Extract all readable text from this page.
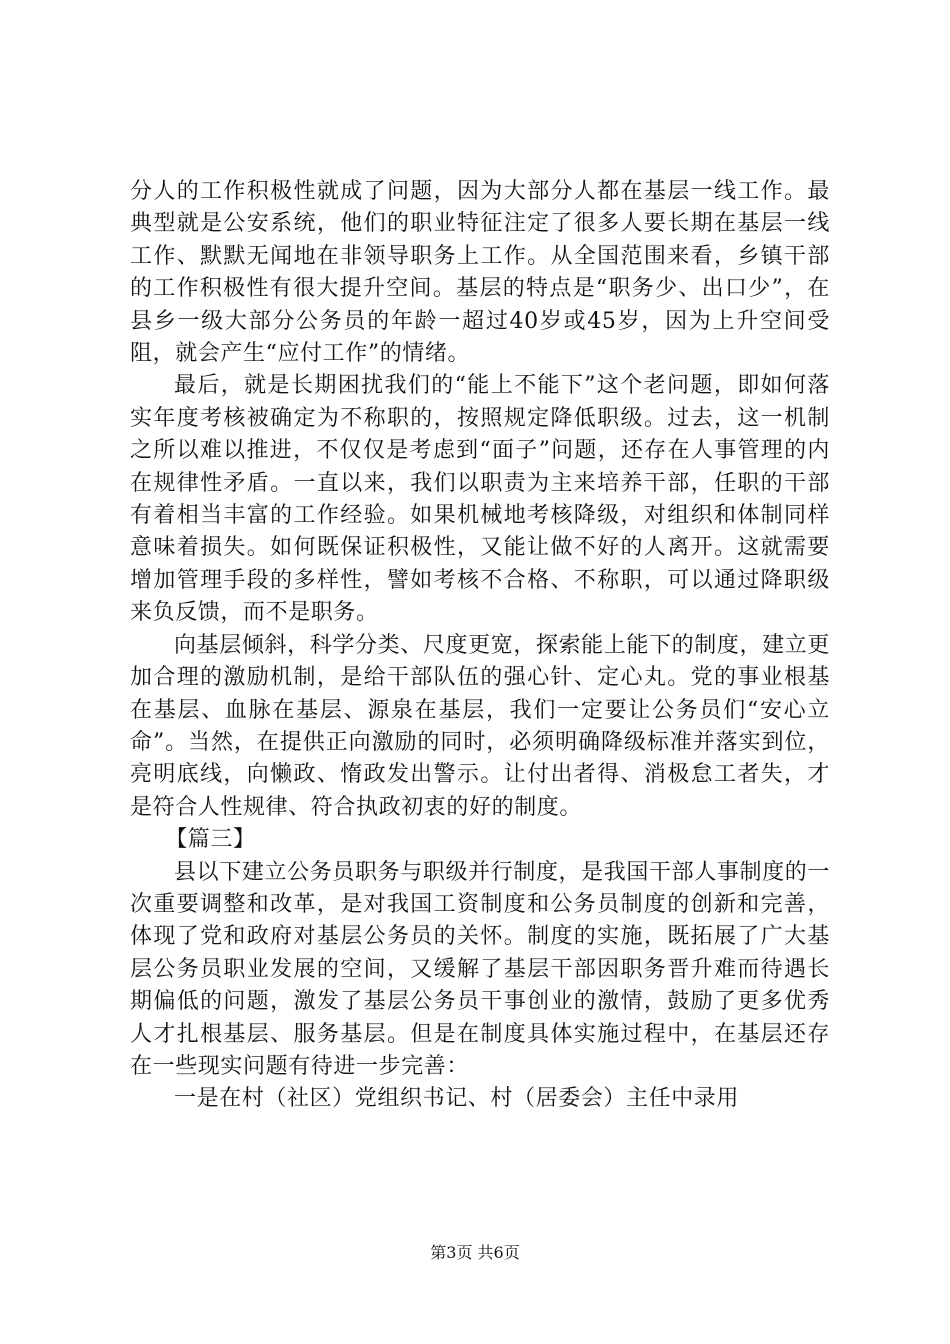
分人的工作积极性就成了问题，因为大部分人都在基层一线工作。最典型就是公安系统，他们的职业特征注定了很多人要长期在基层一线工作、默默无闻地在非领导职务上工作。从全国范围来看，乡镇干部的工作积极性有很大提升空间。基层的特点是“职务少、出口少”，在县乡一级大部分公务员的年龄一超过40岁或45岁，因为上升空间受阻，就会产生“应付工作”的情绪。

最后，就是长期困扰我们的“能上不能下”这个老问题，即如何落实年度考核被确定为不称职的，按照规定降低职级。过去，这一机制之所以难以推进，不仅仅是考虑到“面子”问题，还存在人事管理的内在规律性矛盾。一直以来，我们以职责为主来培养干部，任职的干部有着相当丰富的工作经验。如果机械地考核降级，对组织和体制同样意味着损失。如何既保证积极性，又能让做不好的人离开。这就需要增加管理手段的多样性，譬如考核不合格、不称职，可以通过降职级来负反馈，而不是职务。

向基层倾斜，科学分类、尺度更宽，探索能上能下的制度，建立更加合理的激励机制，是给干部队伍的强心针、定心丸。党的事业根基在基层、血脉在基层、源泉在基层，我们一定要让公务员们“安心立命”。当然，在提供正向激励的同时，必须明确降级标准并落实到位，亮明底线，向懒政、惰政发出警示。让付出者得、消极怠工者失，才是符合人性规律、符合执政初衷的好的制度。

【篇三】

县以下建立公务员职务与职级并行制度，是我国干部人事制度的一次重要调整和改革，是对我国工资制度和公务员制度的创新和完善，体现了党和政府对基层公务员的关怀。制度的实施，既拓展了广大基层公务员职业发展的空间，又缓解了基层干部因职务晋升难而待遇长期偏低的问题，激发了基层公务员干事创业的激情，鼓励了更多优秀人才扎根基层、服务基层。但是在制度具体实施过程中，在基层还存在一些现实问题有待进一步完善：

一是在村（社区）党组织书记、村（居委会）主任中录用

第3页 共6页
